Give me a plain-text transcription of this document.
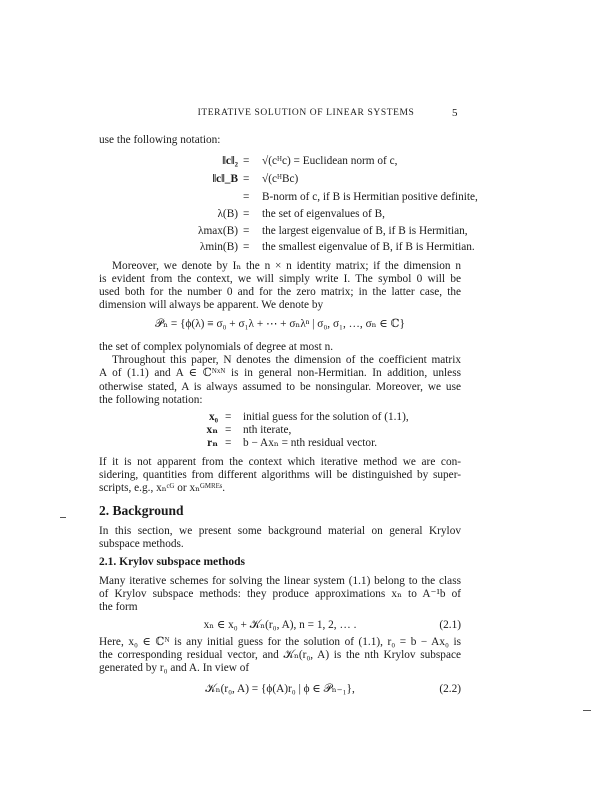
ITERATIVE SOLUTION OF LINEAR SYSTEMS	5
use the following notation:
‖c‖₂ = √(cᴴc) = Euclidean norm of c,
‖c‖_B = √(cᴴBc)
= B-norm of c, if B is Hermitian positive definite,
λ(B) = the set of eigenvalues of B,
λmax(B) = the largest eigenvalue of B, if B is Hermitian,
λmin(B) = the smallest eigenvalue of B, if B is Hermitian.
Moreover, we denote by Iₙ the n × n identity matrix; if the dimension n
is evident from the context, we will simply write I. The symbol 0 will be
used both for the number 0 and for the zero matrix; in the latter case, the
dimension will always be apparent. We denote by
𝒫ₙ = {ϕ(λ) ≡ σ₀ + σ₁λ + ⋯ + σₙλⁿ | σ₀, σ₁, …, σₙ ∈ ℂ}
the set of complex polynomials of degree at most n.
Throughout this paper, N denotes the dimension of the coefficient matrix
A of (1.1) and A ∈ ℂᴺˣᴺ is in general non-Hermitian. In addition, unless
otherwise stated, A is always assumed to be nonsingular. Moreover, we use
the following notation:
x₀ = initial guess for the solution of (1.1),
xₙ = nth iterate,
rₙ = b − Axₙ = nth residual vector.
If it is not apparent from the context which iterative method we are con-
sidering, quantities from different algorithms will be distinguished by super-
scripts, e.g., xₙᶜᴳ or xₙᴳᴹᴿᴱˢ.
2. Background
In this section, we present some background material on general Krylov
subspace methods.
2.1. Krylov subspace methods
Many iterative schemes for solving the linear system (1.1) belong to the class
of Krylov subspace methods: they produce approximations xₙ to A⁻¹b of
the form
xₙ ∈ x₀ + 𝒦ₙ(r₀, A), n = 1, 2, … .	(2.1)
Here, x₀ ∈ ℂᴺ is any initial guess for the solution of (1.1), r₀ = b − Ax₀ is
the corresponding residual vector, and 𝒦ₙ(r₀, A) is the nth Krylov subspace
generated by r₀ and A. In view of
𝒦ₙ(r₀, A) = {ϕ(A)r₀ | ϕ ∈ 𝒫ₙ₋₁},	(2.2)
